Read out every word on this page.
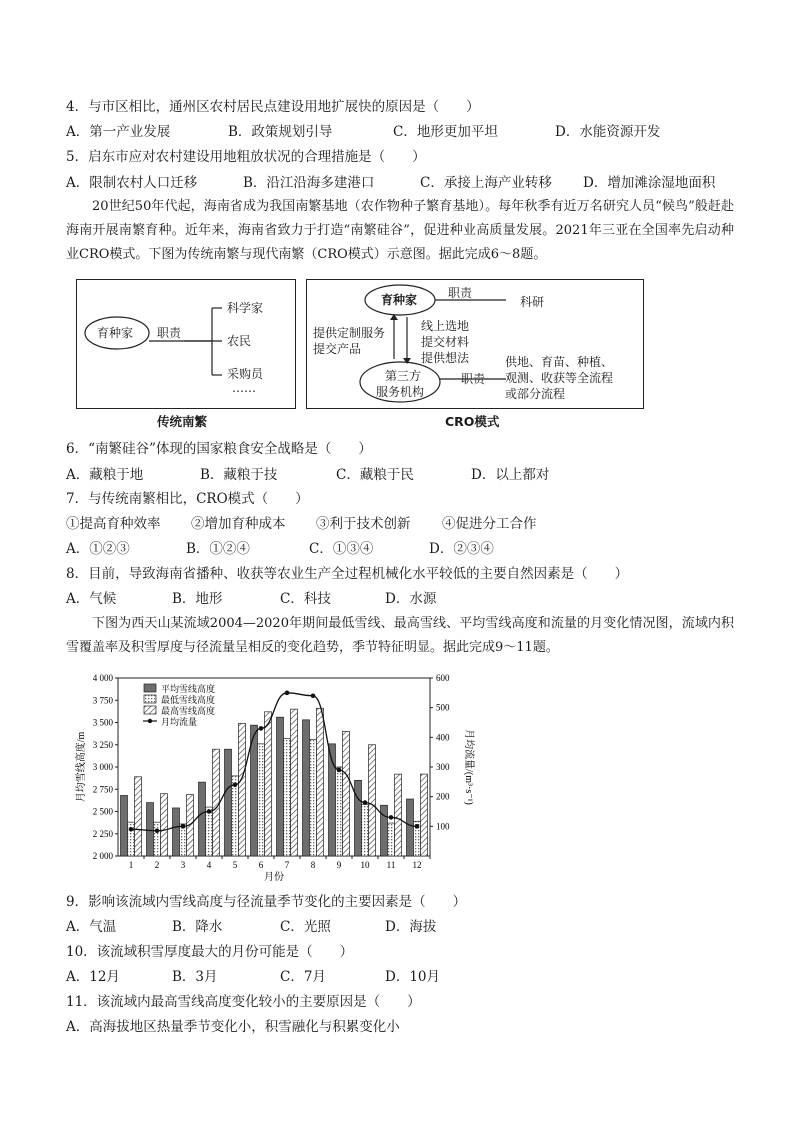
4．与市区相比，通州区农村居民点建设用地扩展快的原因是（　　）
A．第一产业发展	B．政策规划引导	C．地形更加平坦	D．水能资源开发
5．启东市应对农村建设用地粗放状况的合理措施是（　　）
A．限制农村人口迁移	B．沿江沿海多建港口	C．承接上海产业转移 D．增加滩涂湿地面积
20世纪50年代起，海南省成为我国南繁基地（农作物种子繁育基地）。每年秋季有近万名研究人员“候鸟”般赶赴海南开展南繁育种。近年来，海南省致力于打造“南繁硅谷”，促进种业高质量发展。2021年三亚在全国率先启动种业CRO模式。下图为传统南繁与现代南繁（CRO模式）示意图。据此完成6～8题。
育种家 职责
科学家
农民
采购员
……
传统南繁
育种家	职责
科研
提供定制服务
提交产品
线上选地
提交材料
提供想法
第三方
服务机构
职责
供地、育苗、种植、
观测、收获等全流程
或部分流程
CRO模式
6．“南繁硅谷”体现的国家粮食安全战略是（　　）
A．藏粮于地	B．藏粮于技	C．藏粮于民	D．以上都对
7．与传统南繁相比，CRO模式（　　）
①提高育种效率 ②增加育种成本 ③利于技术创新 ④促进分工合作
A．①②③	B．①②④	C．①③④	D．②③④
8．目前，导致海南省播种、收获等农业生产全过程机械化水平较低的主要自然因素是（　　）
A．气候	B．地形	C．科技	D．水源
下图为西天山某流域2004—2020年期间最低雪线、最高雪线、平均雪线高度和流量的月变化情况图，流域内积雪覆盖率及积雪厚度与径流量呈相反的变化趋势，季节特征明显。据此完成9～11题。
2 000
2 250
2 500
2 750
3 000
3 250
3 500
3 750
4 000
100
200
300
400
500
600
1 2 3 4 5 6 7 8 9 10 11 12
平均雪线高度
最低雪线高度
最高雪线高度
月均流量
月均雪线高度/m	月均流量/(m³·s⁻¹)
月份
9．影响该流域内雪线高度与径流量季节变化的主要因素是（　　）
A．气温	B．降水	C．光照	D．海拔
10．该流域积雪厚度最大的月份可能是（　　）
A．12月	B．3月	C．7月	D．10月
11．该流域内最高雪线高度变化较小的主要原因是（　　）
A．高海拔地区热量季节变化小，积雪融化与积累变化小
